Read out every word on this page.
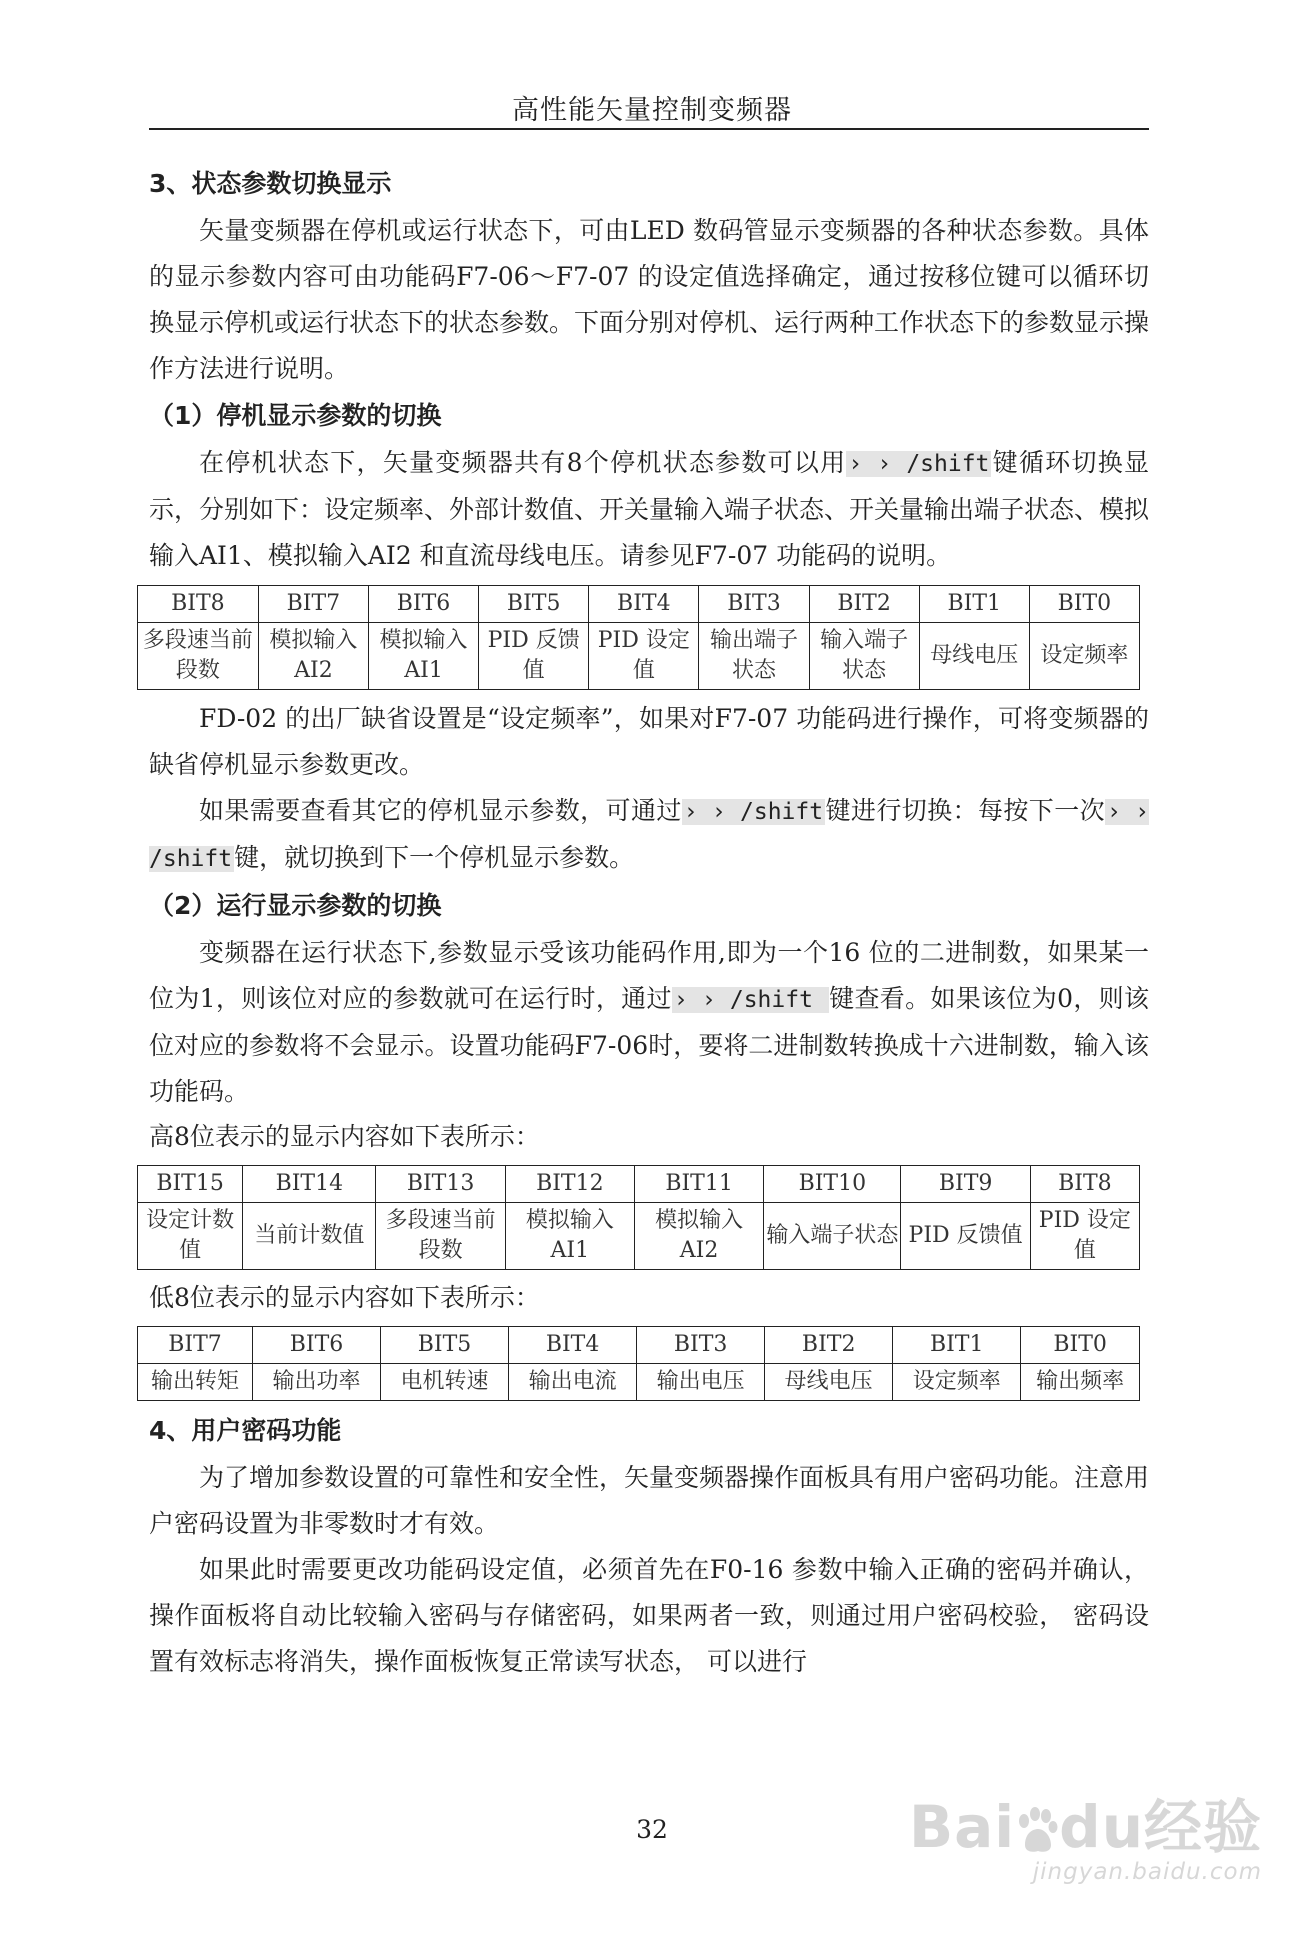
高性能矢量控制变频器
3、状态参数切换显示
矢量变频器在停机或运行状态下，可由LED 数码管显示变频器的各种状态参数。具体的显示参数内容可由功能码F7-06～F7-07 的设定值选择确定，通过按移位键可以循环切换显示停机或运行状态下的状态参数。下面分别对停机、运行两种工作状态下的参数显示操作方法进行说明。
（1）停机显示参数的切换
在停机状态下，矢量变频器共有8个停机状态参数可以用› › /shift键循环切换显示，分别如下：设定频率、外部计数值、开关量输入端子状态、开关量输出端子状态、模拟输入AI1、模拟输入AI2 和直流母线电压。请参见F7-07 功能码的说明。
BIT8	BIT7	BIT6	BIT5	BIT4	BIT3	BIT2	BIT1	BIT0
多段速当前段数	模拟输入AI2	模拟输入AI1	PID 反馈值	PID 设定值	输出端子状态	输入端子状态	母线电压	设定频率
FD-02 的出厂缺省设置是“设定频率”，如果对F7-07 功能码进行操作，可将变频器的缺省停机显示参数更改。
如果需要查看其它的停机显示参数，可通过› › /shift键进行切换：每按下一次› › /shift键，就切换到下一个停机显示参数。
（2）运行显示参数的切换
变频器在运行状态下,参数显示受该功能码作用,即为一个16 位的二进制数，如果某一位为1，则该位对应的参数就可在运行时，通过› › /shift 键查看。如果该位为0，则该位对应的参数将不会显示。设置功能码F7-06时，要将二进制数转换成十六进制数，输入该功能码。
高8位表示的显示内容如下表所示：
BIT15	BIT14	BIT13	BIT12	BIT11	BIT10	BIT9	BIT8
设定计数值	当前计数值	多段速当前段数	模拟输入AI1	模拟输入AI2	输入端子状态	PID 反馈值	PID 设定值
低8位表示的显示内容如下表所示：
BIT7	BIT6	BIT5	BIT4	BIT3	BIT2	BIT1	BIT0
输出转矩	输出功率	电机转速	输出电流	输出电压	母线电压	设定频率	输出频率
4、用户密码功能
为了增加参数设置的可靠性和安全性，矢量变频器操作面板具有用户密码功能。注意用户密码设置为非零数时才有效。
如果此时需要更改功能码设定值，必须首先在F0-16 参数中输入正确的密码并确认，操作面板将自动比较输入密码与存储密码，如果两者一致，则通过用户密码校验， 密码设置有效标志将消失，操作面板恢复正常读写状态， 可以进行
32	Bai du经验
jingyan.baidu.com
